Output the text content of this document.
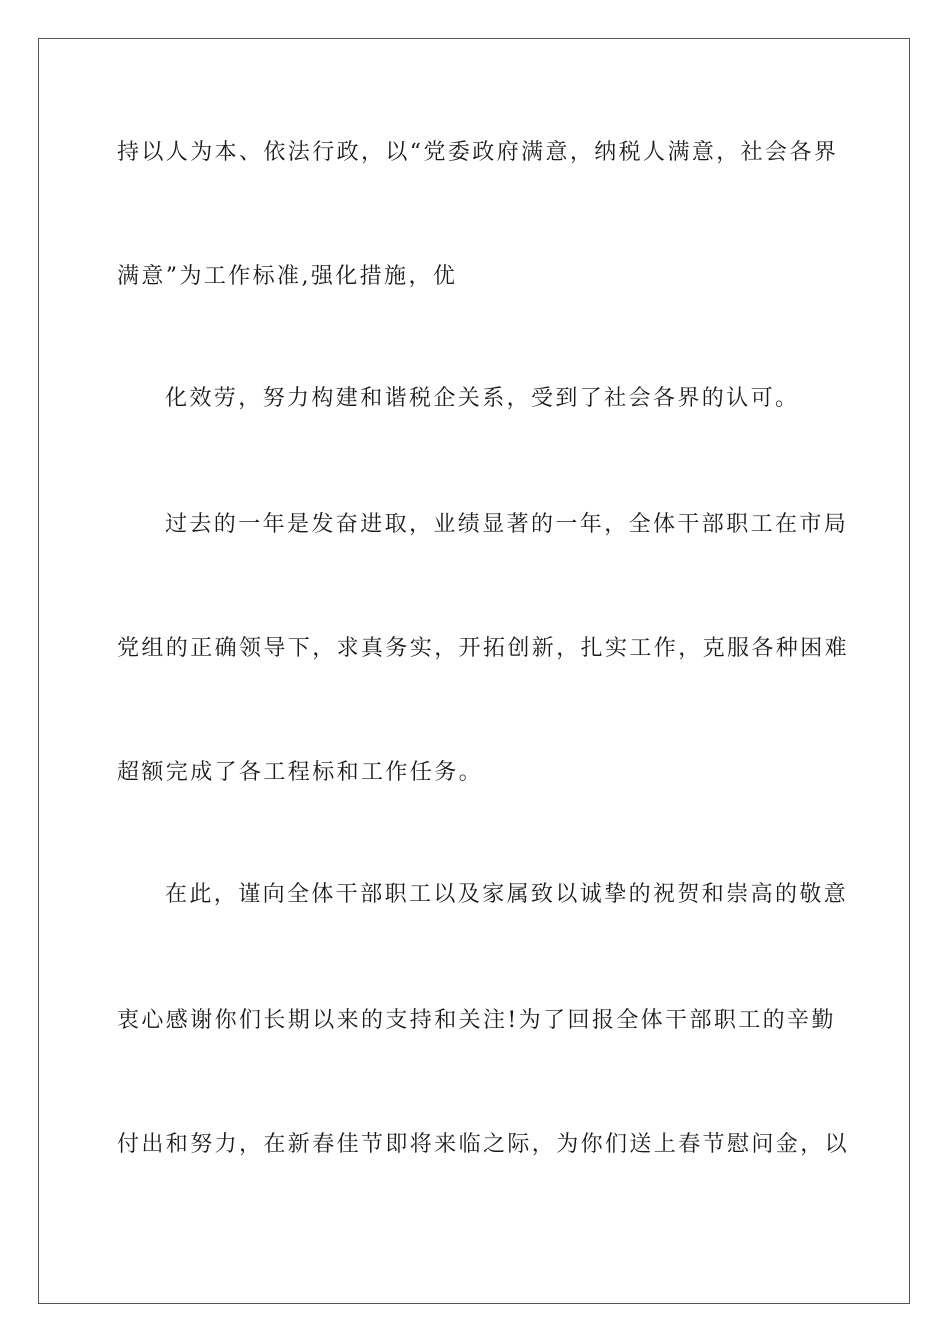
持以人为本、依法行政，以“党委政府满意，纳税人满意，社会各界
满意”为工作标准,强化措施，优
化效劳，努力构建和谐税企关系，受到了社会各界的认可。
过去的一年是发奋进取，业绩显著的一年，全体干部职工在市局
党组的正确领导下，求真务实，开拓创新，扎实工作，克服各种困难
超额完成了各工程标和工作任务。
在此，谨向全体干部职工以及家属致以诚挚的祝贺和崇高的敬意
衷心感谢你们长期以来的支持和关注!为了回报全体干部职工的辛勤
付出和努力，在新春佳节即将来临之际，为你们送上春节慰问金，以
